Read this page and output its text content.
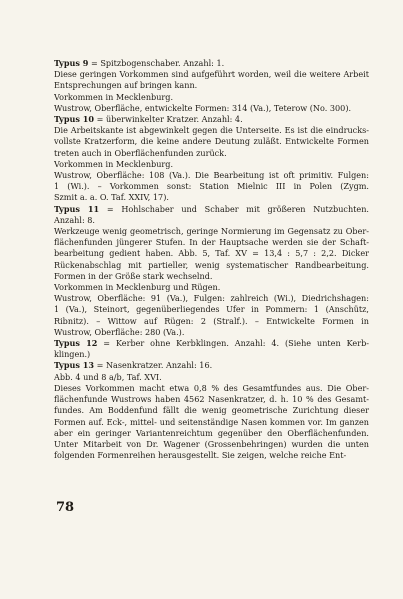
Typus 9 = Spitzbogenschaber. Anzahl: 1.
Diese geringen Vorkommen sind aufgeführt worden, weil die weitere Arbeit
Entsprechungen auf bringen kann.
Vorkommen in Mecklenburg.
Wustrow, Oberfläche, entwickelte Formen: 314 (Va.), Teterow (No. 300).
Typus 10 = überwinkelter Kratzer. Anzahl: 4.
Die Arbeitskante ist abgewinkelt gegen die Unterseite. Es ist die eindrucks-
vollste Kratzerform, die keine andere Deutung zuläßt. Entwickelte Formen
treten auch in Oberflächenfunden zurück.
Vorkommen in Mecklenburg.
Wustrow, Oberfläche: 108 (Va.). Die Bearbeitung ist oft primitiv. Fulgen:
1 (Wi.). – Vorkommen sonst: Station Mielnic III in Polen (Zygm.
Szmit a. a. O. Taf. XXIV, 17).
Typus 11 = Hohlschaber und Schaber mit größeren Nutzbuchten.
Anzahl: 8.
Werkzeuge wenig geometrisch, geringe Normierung im Gegensatz zu Ober-
flächenfunden jüngerer Stufen. In der Hauptsache werden sie der Schaft-
bearbeitung gedient haben. Abb. 5, Taf. XV = 13,4 : 5,7 : 2,2. Dicker
Rückenabschlag mit partieller, wenig systematischer Randbearbeitung.
Formen in der Größe stark wechselnd.
Vorkommen in Mecklenburg und Rügen.
Wustrow, Oberfläche: 91 (Va.), Fulgen: zahlreich (Wi.), Diedrichshagen:
1 (Va.), Steinort, gegenüberliegendes Ufer in Pommern: 1 (Anschütz,
Ribnitz). – Wittow auf Rügen: 2 (Stralf.). – Entwickelte Formen in
Wustrow, Oberfläche: 280 (Va.).
Typus 12 = Kerber ohne Kerbklingen. Anzahl: 4. (Siehe unten Kerb-
klingen.)
Typus 13 = Nasenkratzer. Anzahl: 16.
Abb. 4 und 8 a/b, Taf. XVI.
Dieses Vorkommen macht etwa 0,8 % des Gesamtfundes aus. Die Ober-
flächenfunde Wustrows haben 4562 Nasenkratzer, d. h. 10 % des Gesamt-
fundes. Am Boddenfund fällt die wenig geometrische Zurichtung dieser
Formen auf. Eck-, mittel- und seitenständige Nasen kommen vor. Im ganzen
aber ein geringer Variantenreichtum gegenüber den Oberflächenfunden.
Unter Mitarbeit von Dr. Wagener (Grossenbehringen) wurden die unten
folgenden Formenreihen herausgestellt. Sie zeigen, welche reiche Ent-
78
